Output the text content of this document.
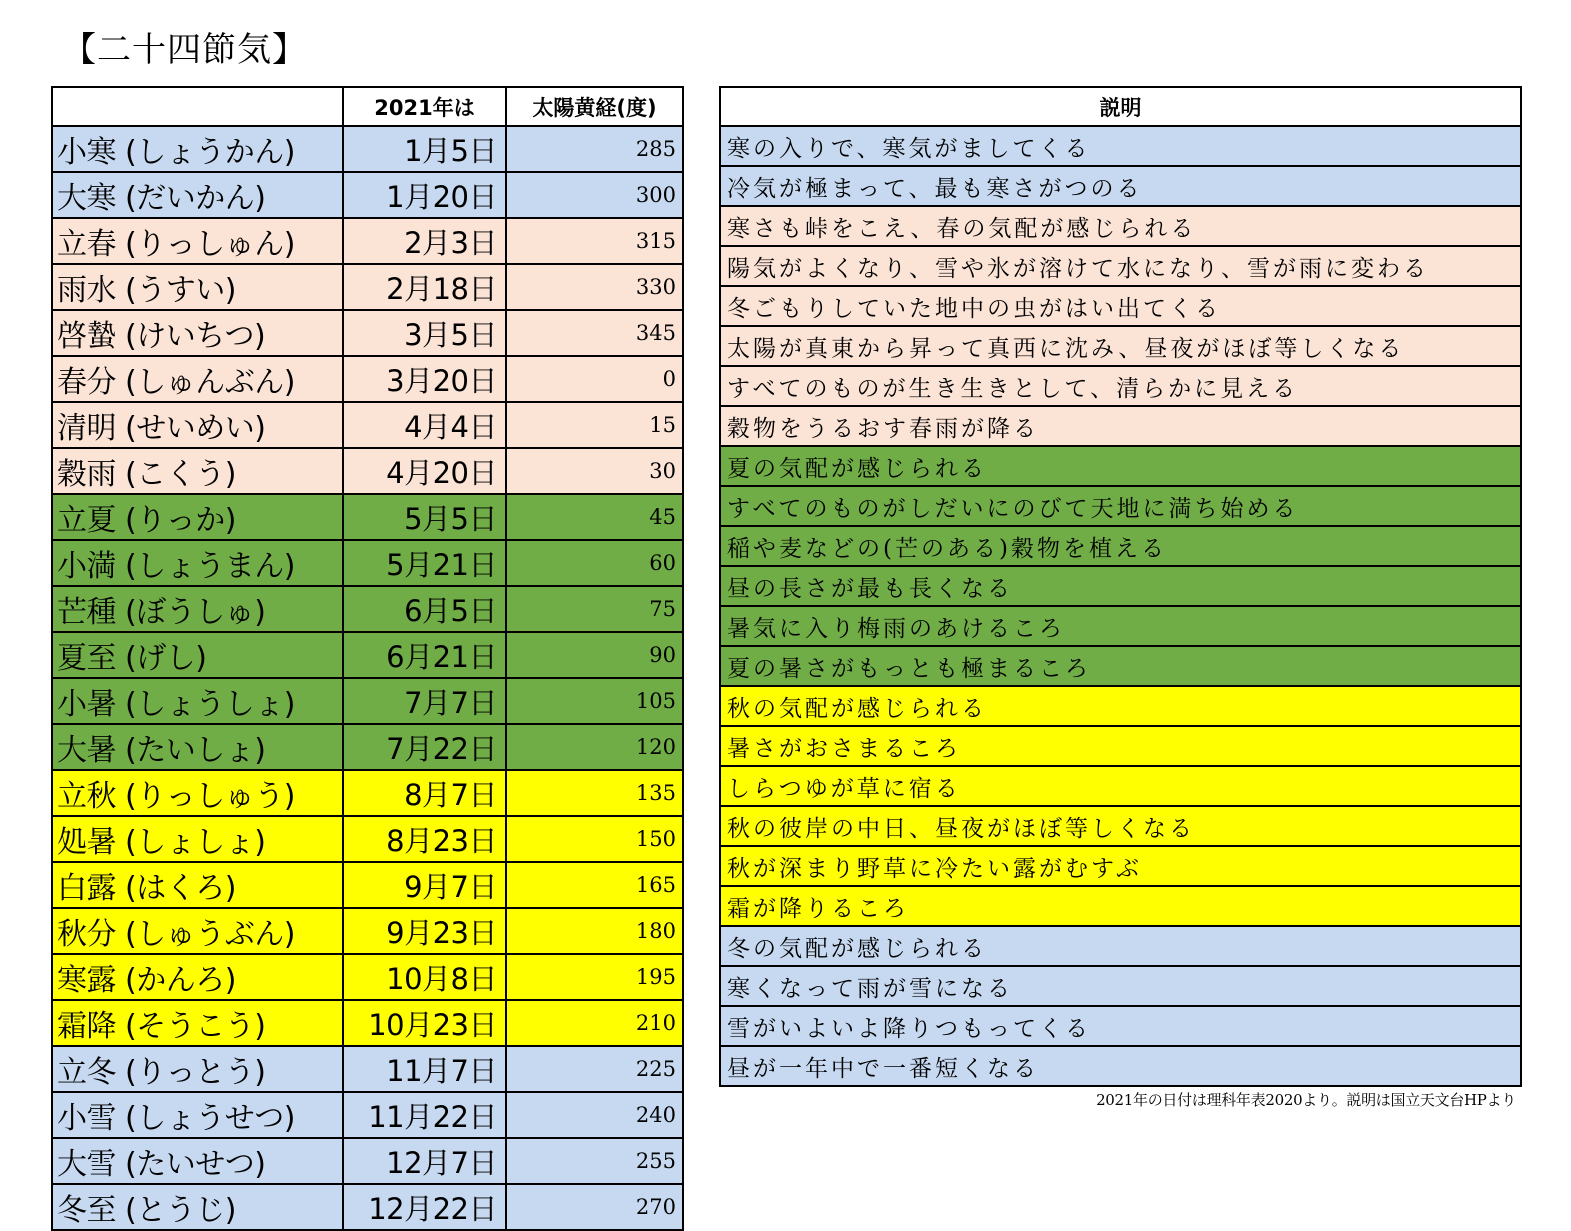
【二十四節気】
	2021年は	太陽黄経(度)
小寒 (しょうかん)	1月5日	285
大寒 (だいかん)	1月20日	300
立春 (りっしゅん)	2月3日	315
雨水 (うすい)	2月18日	330
啓蟄 (けいちつ)	3月5日	345
春分 (しゅんぶん)	3月20日	0
清明 (せいめい)	4月4日	15
穀雨 (こくう)	4月20日	30
立夏 (りっか)	5月5日	45
小満 (しょうまん)	5月21日	60
芒種 (ぼうしゅ)	6月5日	75
夏至 (げし)	6月21日	90
小暑 (しょうしょ)	7月7日	105
大暑 (たいしょ)	7月22日	120
立秋 (りっしゅう)	8月7日	135
処暑 (しょしょ)	8月23日	150
白露 (はくろ)	9月7日	165
秋分 (しゅうぶん)	9月23日	180
寒露 (かんろ)	10月8日	195
霜降 (そうこう)	10月23日	210
立冬 (りっとう)	11月7日	225
小雪 (しょうせつ)	11月22日	240
大雪 (たいせつ)	12月7日	255
冬至 (とうじ)	12月22日	270
説明
寒の入りで、寒気がましてくる
冷気が極まって、最も寒さがつのる
寒さも峠をこえ、春の気配が感じられる
陽気がよくなり、雪や氷が溶けて水になり、雪が雨に変わる
冬ごもりしていた地中の虫がはい出てくる
太陽が真東から昇って真西に沈み、昼夜がほぼ等しくなる
すべてのものが生き生きとして、清らかに見える
穀物をうるおす春雨が降る
夏の気配が感じられる
すべてのものがしだいにのびて天地に満ち始める
稲や麦などの(芒のある)穀物を植える
昼の長さが最も長くなる
暑気に入り梅雨のあけるころ
夏の暑さがもっとも極まるころ
秋の気配が感じられる
暑さがおさまるころ
しらつゆが草に宿る
秋の彼岸の中日、昼夜がほぼ等しくなる
秋が深まり野草に冷たい露がむすぶ
霜が降りるころ
冬の気配が感じられる
寒くなって雨が雪になる
雪がいよいよ降りつもってくる
昼が一年中で一番短くなる
2021年の日付は理科年表2020より。説明は国立天文台HPより
